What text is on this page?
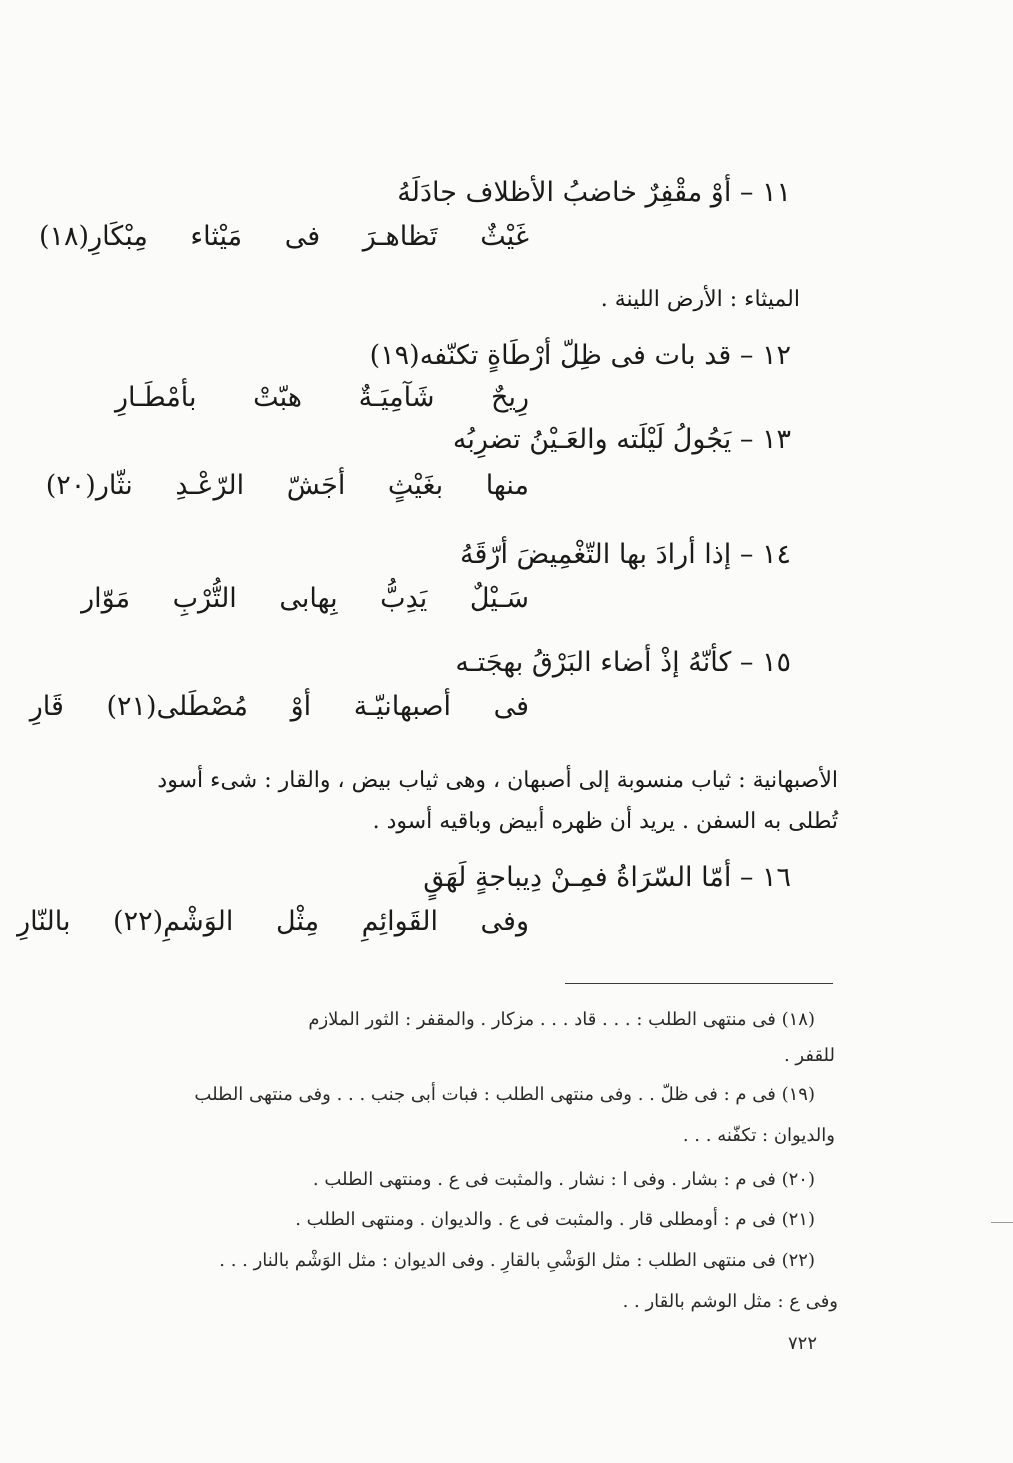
١١ – أوْ مقْفِرٌ خاضبُ الأظلاف جادَلَهُ
غَيْثٌ تَظاهـرَ فى مَيْثاء مِبْكَارِ(١٨)
الميثاء : الأرض اللينة .
١٢ – قد بات فى ظِلّ أرْطَاةٍ تكنّفه(١٩)
رِيحٌ شَآمِيَـةٌ هبّتْ بأمْطَـارِ
١٣ – يَجُولُ لَيْلَته والعَـيْنُ تضرِبُه
منها بغَيْثٍ أجَشّ الرّعْـدِ نثّار(٢٠)
١٤ – إذا أرادَ بها التّغْمِيضَ أرّقَهُ
سَـيْلٌ يَدِبُّ بِهابى التُّرْبِ مَوّار
١٥ – كأنّهُ إذْ أضاء البَرْقُ بهجَتـه
فى أصبهانيّـة أوْ مُصْطَلى(٢١) قَارِ
الأصبهانية : ثياب منسوبة إلى أصبهان ، وهى ثياب بيض ، والقار : شىء أسود
تُطلى به السفن . يريد أن ظهره أبيض وباقيه أسود .
١٦ – أمّا السّرَاةُ فمِـنْ دِيباجةٍ لَهَقٍ
وفى القَوائِمِ مِثْل الوَشْمِ(٢٢) بالنّارِ
(١٨) فى منتهى الطلب : . . . قاد . . . مزكار . والمقفر : الثور الملازم
للقفر .
(١٩) فى م : فى ظلّ . . وفى منتهى الطلب : فبات أبى جنب . . . وفى منتهى الطلب
والديوان : تكفّنه . . .
(٢٠) فى م : بشار . وفى ا : نشار . والمثبت فى ع . ومنتهى الطلب .
(٢١) فى م : أومطلى قار . والمثبت فى ع . والديوان . ومنتهى الطلب .
(٢٢) فى منتهى الطلب : مثل الوَشْىِ بالقارِ . وفى الديوان : مثل الوَشْم بالنار . . .
وفى ع : مثل الوشم بالقار . .
٧٢٢
